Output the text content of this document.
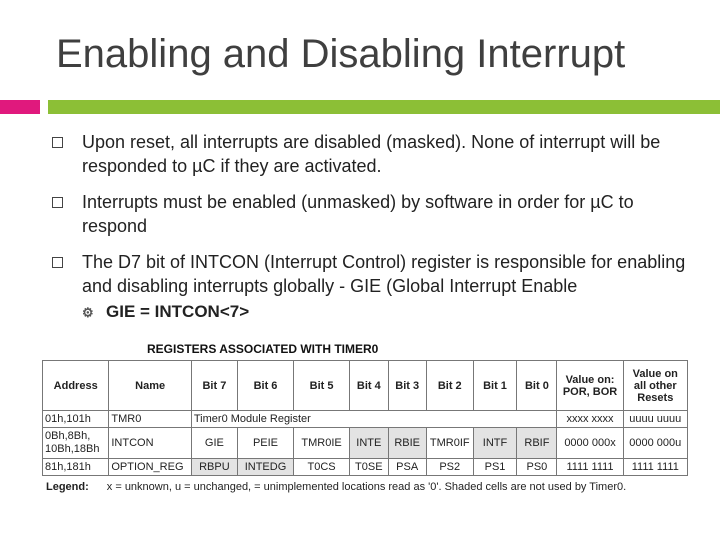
Enabling and Disabling Interrupt
Upon reset, all interrupts are disabled (masked). None of interrupt will be responded to µC if they are activated.
Interrupts must be enabled (unmasked) by software in order for µC to respond
The D7 bit of INTCON (Interrupt Control) register is responsible for enabling and disabling interrupts globally - GIE (Global Interrupt Enable
⚙ GIE = INTCON<7>
REGISTERS ASSOCIATED WITH TIMER0
Address	Name	Bit 7	Bit 6	Bit 5	Bit 4	Bit 3	Bit 2	Bit 1	Bit 0	Value on: POR, BOR	Value on all other Resets
01h,101h	TMR0	Timer0 Module Register								xxxx xxxx	uuuu uuuu
0Bh,8Bh, 10Bh,18Bh	INTCON	GIE	PEIE	TMR0IE	INTE	RBIE	TMR0IF	INTF	RBIF	0000 000x	0000 000u
81h,181h	OPTION_REG	RBPU	INTEDG	T0CS	T0SE	PSA	PS2	PS1	PS0	1111 1111	1111 1111
Legend: x = unknown, u = unchanged, = unimplemented locations read as '0'. Shaded cells are not used by Timer0.
